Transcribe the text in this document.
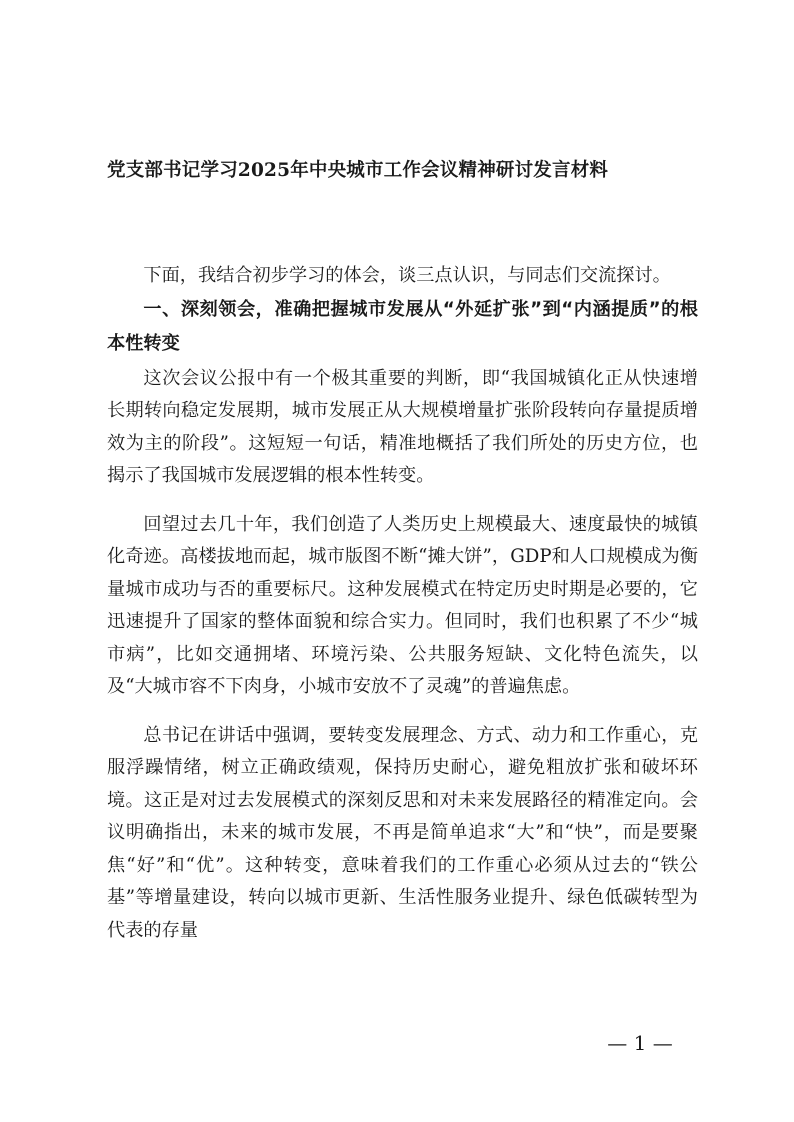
党支部书记学习2025年中央城市工作会议精神研讨发言材料

下面，我结合初步学习的体会，谈三点认识，与同志们交流探讨。

一、深刻领会，准确把握城市发展从“外延扩张”到“内涵提质”的根本性转变

这次会议公报中有一个极其重要的判断，即“我国城镇化正从快速增长期转向稳定发展期，城市发展正从大规模增量扩张阶段转向存量提质增效为主的阶段”。这短短一句话，精准地概括了我们所处的历史方位，也揭示了我国城市发展逻辑的根本性转变。

回望过去几十年，我们创造了人类历史上规模最大、速度最快的城镇化奇迹。高楼拔地而起，城市版图不断“摊大饼”，GDP和人口规模成为衡量城市成功与否的重要标尺。这种发展模式在特定历史时期是必要的，它迅速提升了国家的整体面貌和综合实力。但同时，我们也积累了不少“城市病”，比如交通拥堵、环境污染、公共服务短缺、文化特色流失，以及“大城市容不下肉身，小城市安放不了灵魂”的普遍焦虑。

总书记在讲话中强调，要转变发展理念、方式、动力和工作重心，克服浮躁情绪，树立正确政绩观，保持历史耐心，避免粗放扩张和破坏环境。这正是对过去发展模式的深刻反思和对未来发展路径的精准定向。会议明确指出，未来的城市发展，不再是简单追求“大”和“快”，而是要聚焦“好”和“优”。这种转变，意味着我们的工作重心必须从过去的“铁公基”等增量建设，转向以城市更新、生活性服务业提升、绿色低碳转型为代表的存量

— 1 —
